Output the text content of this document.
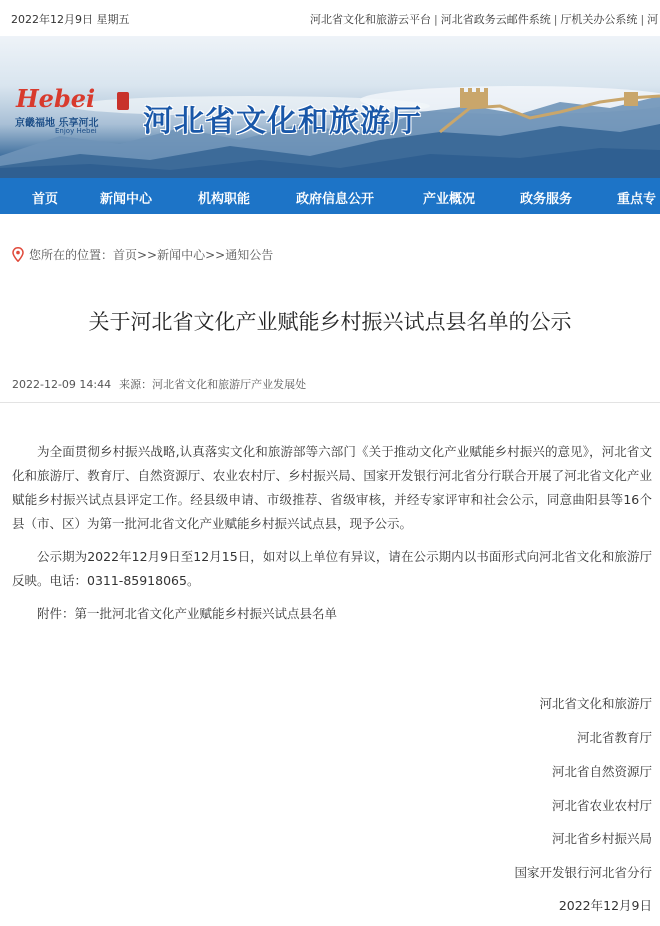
2022年12月9日 星期五	河北省文化和旅游云平台 | 河北省政务云邮件系统 | 厅机关办公系统 | 河
Hebei
京畿福地 乐享河北
Enjoy Hebei 河北省文化和旅游厅
首页	新闻中心	机构职能	政府信息公开	产业概况	政务服务	重点专
您所在的位置：首页>>新闻中心>>通知公告
关于河北省文化产业赋能乡村振兴试点县名单的公示
2022-12-09 14:44 来源：河北省文化和旅游厅产业发展处

为全面贯彻乡村振兴战略,认真落实文化和旅游部等六部门《关于推动文化产业赋能乡村振兴的意见》，河北省文化和旅游厅、教育厅、自然资源厅、农业农村厅、乡村振兴局、国家开发银行河北省分行联合开展了河北省文化产业赋能乡村振兴试点县评定工作。经县级申请、市级推荐、省级审核，并经专家评审和社会公示，同意曲阳县等16个县（市、区）为第一批河北省文化产业赋能乡村振兴试点县，现予公示。

公示期为2022年12月9日至12月15日，如对以上单位有异议，请在公示期内以书面形式向河北省文化和旅游厅反映。电话：0311-85918065。

附件：第一批河北省文化产业赋能乡村振兴试点县名单

河北省文化和旅游厅
河北省教育厅
河北省自然资源厅
河北省农业农村厅
河北省乡村振兴局
国家开发银行河北省分行
2022年12月9日
